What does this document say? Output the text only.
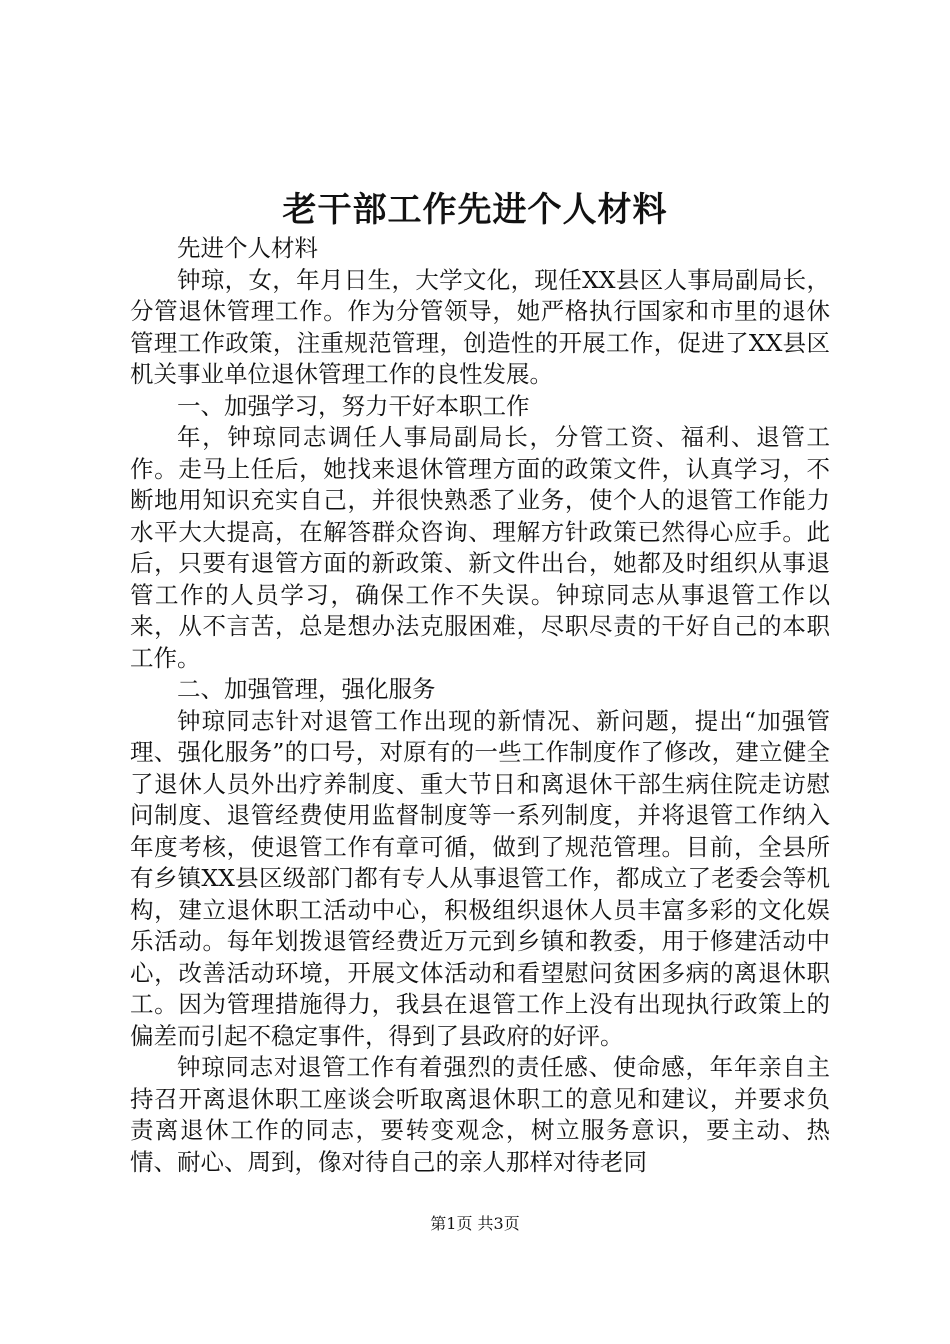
老干部工作先进个人材料

先进个人材料

钟琼，女，年月日生，大学文化，现任XX县区人事局副局长，分管退休管理工作。作为分管领导，她严格执行国家和市里的退休管理工作政策，注重规范管理，创造性的开展工作，促进了XX县区机关事业单位退休管理工作的良性发展。

一、加强学习，努力干好本职工作

年，钟琼同志调任人事局副局长，分管工资、福利、退管工作。走马上任后，她找来退休管理方面的政策文件，认真学习，不断地用知识充实自己，并很快熟悉了业务，使个人的退管工作能力水平大大提高，在解答群众咨询、理解方针政策已然得心应手。此后，只要有退管方面的新政策、新文件出台，她都及时组织从事退管工作的人员学习，确保工作不失误。钟琼同志从事退管工作以来，从不言苦，总是想办法克服困难，尽职尽责的干好自己的本职工作。

二、加强管理，强化服务

钟琼同志针对退管工作出现的新情况、新问题，提出“加强管理、强化服务”的口号，对原有的一些工作制度作了修改，建立健全了退休人员外出疗养制度、重大节日和离退休干部生病住院走访慰问制度、退管经费使用监督制度等一系列制度，并将退管工作纳入年度考核，使退管工作有章可循，做到了规范管理。目前，全县所有乡镇XX县区级部门都有专人从事退管工作，都成立了老委会等机构，建立退休职工活动中心，积极组织退休人员丰富多彩的文化娱乐活动。每年划拨退管经费近万元到乡镇和教委，用于修建活动中心，改善活动环境，开展文体活动和看望慰问贫困多病的离退休职工。因为管理措施得力，我县在退管工作上没有出现执行政策上的偏差而引起不稳定事件，得到了县政府的好评。

钟琼同志对退管工作有着强烈的责任感、使命感，年年亲自主持召开离退休职工座谈会听取离退休职工的意见和建议，并要求负责离退休工作的同志，要转变观念，树立服务意识，要主动、热情、耐心、周到，像对待自己的亲人那样对待老同

第1页 共3页
